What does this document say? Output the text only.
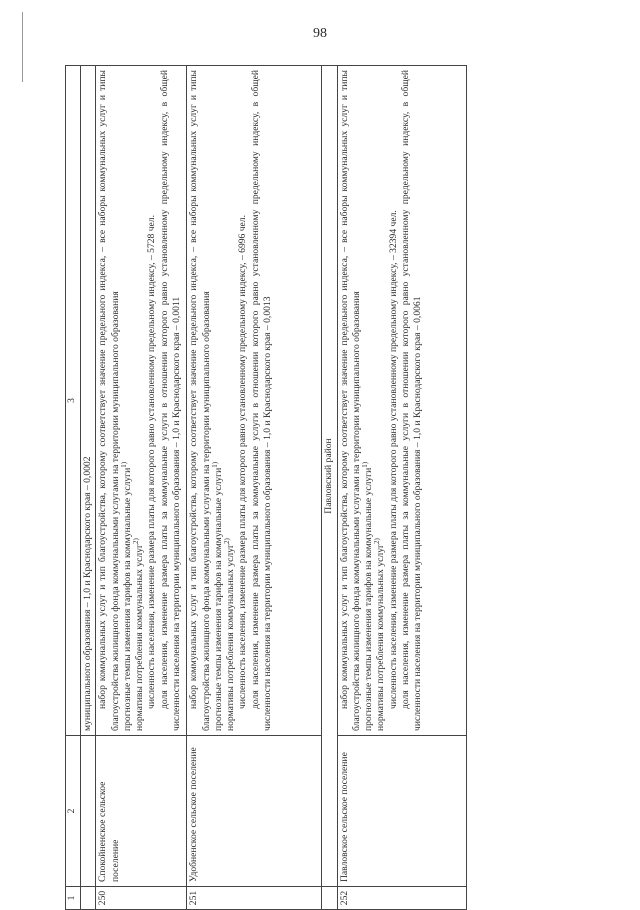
98
1	2	3
		муниципального образования – 1,0 и Краснодарского края – 0,0002
250	Спокойненское сельское поселение	набор коммунальных услуг и тип благоустройства, которому соответствует значение предельного индекса, – все наборы коммунальных услуг и типы благоустройства жилищного фонда коммунальными услугами на территории муниципального образования прогнозные темпы изменения тарифов на коммунальные услуги$^{1)}$
нормативы потребления коммунальных услуг$^{2)}$ численность населения, изменение размера платы для которого равно установленному предельному индексу, – 5728 чел. доля населения, изменение размера платы за коммунальные услуги в отношении которого равно установленному предельному индексу, в общей численности населения на территории муниципального образования – 1,0 и Краснодарского края – 0,0011

251	Удобненское сельское поселение	набор коммунальных услуг и тип благоустройства, которому соответствует значение предельного индекса, – все наборы коммунальных услуг и типы благоустройства жилищного фонда коммунальными услугами на территории муниципального образования прогнозные темпы изменения тарифов на коммунальные услуги$^{1)}$
нормативы потребления коммунальных услуг$^{2)}$ численность населения, изменение размера платы для которого равно установленному предельному индексу, – 6996 чел. доля населения, изменение размера платы за коммунальные услуги в отношении которого равно установленному предельному индексу, в общей численности населения на территории муниципального образования – 1,0 и Краснодарского края – 0,0013

	Павловский район	
252	Павловское сельское поселение	набор коммунальных услуг и тип благоустройства, которому соответствует значение предельного индекса, – все наборы коммунальных услуг и типы благоустройства жилищного фонда коммунальными услугами на территории муниципального образования прогнозные темпы изменения тарифов на коммунальные услуги$^{1)}$
нормативы потребления коммунальных услуг$^{2)}$ численность населения, изменение размера платы для которого равно установленному предельному индексу, – 32394 чел. доля населения, изменение размера платы за коммунальные услуги в отношении которого равно установленному предельному индексу, в общей численности населения на территории муниципального образования – 1,0 и Краснодарского края – 0,0061
